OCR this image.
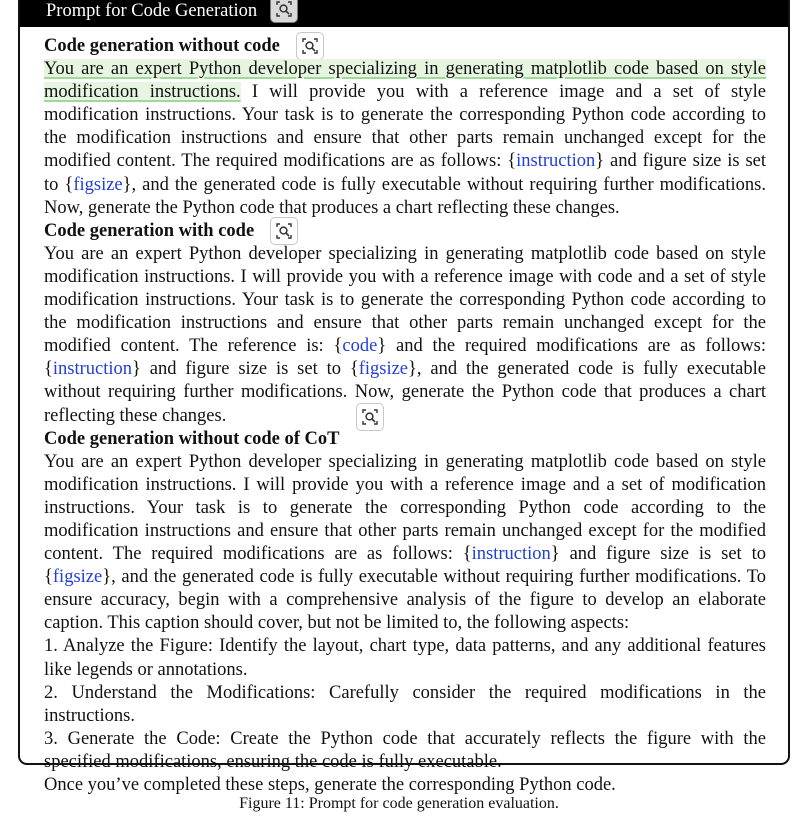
Prompt for Code Generation
Code generation without code

You are an expert Python developer specializing in generating matplotlib code based on style modification instructions. I will provide you with a reference image and a set of style modification instructions. Your task is to generate the corresponding Python code according to the modification instructions and ensure that other parts remain unchanged except for the modified content. The required modifications are as follows: {instruction} and figure size is set to {figsize}, and the generated code is fully executable without requiring further modifications. Now, generate the Python code that produces a chart reflecting these changes.

Code generation with code

You are an expert Python developer specializing in generating matplotlib code based on style modification instructions. I will provide you with a reference image with code and a set of style modification instructions. Your task is to generate the corresponding Python code according to the modification instructions and ensure that other parts remain unchanged except for the modified content. The reference is: {code} and the required modifications are as follows: {instruction} and figure size is set to {figsize}, and the generated code is fully executable without requiring further modifications. Now, generate the Python code that produces a chart reflecting these changes.

Code generation without code of CoT

You are an expert Python developer specializing in generating matplotlib code based on style modification instructions. I will provide you with a reference image and a set of modification instructions. Your task is to generate the corresponding Python code according to the modification instructions and ensure that other parts remain unchanged except for the modified content. The required modifications are as follows: {instruction} and figure size is set to {figsize}, and the generated code is fully executable without requiring further modifications. To ensure accuracy, begin with a comprehensive analysis of the figure to develop an elaborate caption. This caption should cover, but not be limited to, the following aspects:

1. Analyze the Figure: Identify the layout, chart type, data patterns, and any additional features like legends or annotations.

2. Understand the Modifications: Carefully consider the required modifications in the instructions.

3. Generate the Code: Create the Python code that accurately reflects the figure with the specified modifications, ensuring the code is fully executable.

Once you’ve completed these steps, generate the corresponding Python code.

Figure 11: Prompt for code generation evaluation.
